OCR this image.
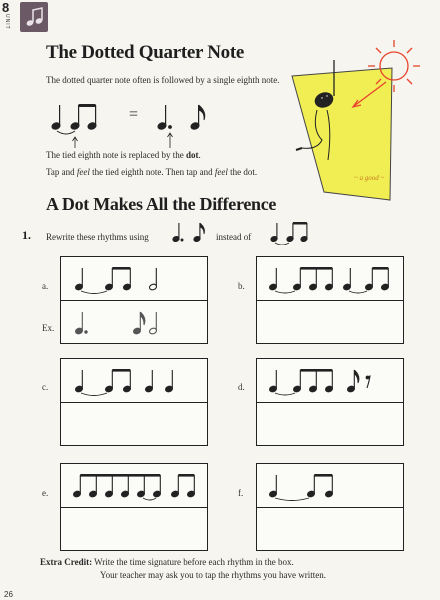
8
UNIT
The Dotted Quarter Note
The dotted quarter note often is followed by a single eighth note.
=
The tied eighth note is replaced by the dot.
Tap and feel the tied eighth note. Then tap and feel the dot.
~ a good ~
A Dot Makes All the Difference
1. Rewrite these rhythms using	instead of
a.
Ex.
b.
c.	d.
e.	f.
Extra Credit: Write the time signature before each rhythm in the box.
Your teacher may ask you to tap the rhythms you have written.
26
